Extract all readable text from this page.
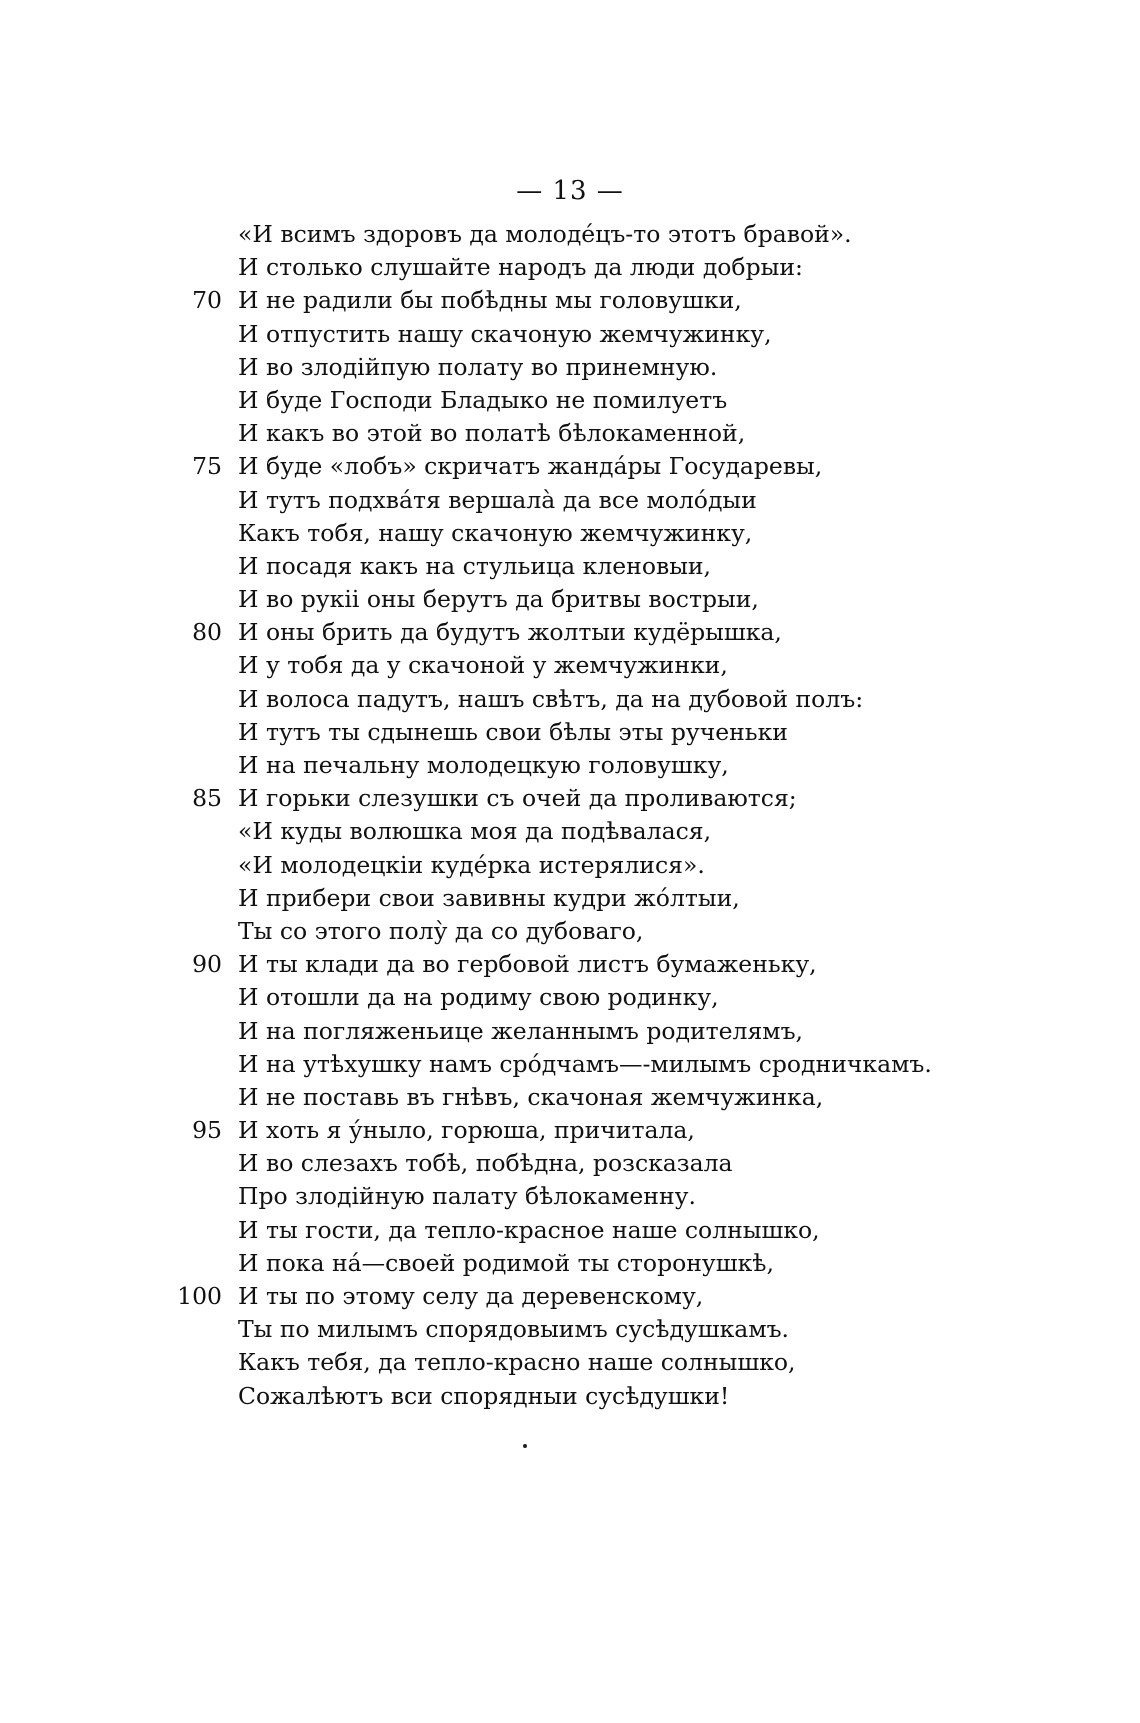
— 13 —
«И всимъ здоровъ да молоде́цъ-то этотъ бравой».
И столько слушайте народъ да люди добрыи:
70 И не радили бы побѣдны мы головушки,
И отпустить нашу скачоную жемчужинку,
И во злодійпую полату во принемную.
И буде Господи Бладыко не помилуетъ
И какъ во этой во полатѣ бѣлокаменной,
75 И буде «лобъ» скричатъ жанда́ры Государевы,
И тутъ подхва́тя вершала̀ да все моло́дыи
Какъ тобя, нашу скачоную жемчужинку,
И посадя какъ на стульица кленовыи,
И во рукіі оны берутъ да бритвы вострыи,
80 И оны брить да будутъ жолтыи кудёрышка,
И у тобя да у скачоной у жемчужинки,
И волоса падутъ, нашъ свѣтъ, да на дубовой полъ:
И тутъ ты сдынешь свои бѣлы эты рученьки
И на печальну молодецкую головушку,
85 И горьки слезушки съ очей да проливаются;
«И куды волюшка моя да подѣвалася,
«И молодецкіи куде́рка истерялися».
И прибери свои завивны кудри жо́лтыи,
Ты со этого полу̀ да со дубоваго,
90 И ты клади да во гербовой листъ бумаженьку,
И отошли да на родиму свою родинку,
И на погляженьице желаннымъ родителямъ,
И на утѣхушку намъ сро́дчамъ—-милымъ сродничкамъ.
И не поставь въ гнѣвъ, скачоная жемчужинка,
95 И хоть я у́ныло, горюша, причитала,
И во слезахъ тобѣ, побѣдна, розсказала
Про злодійную палату бѣлокаменну.
И ты гости, да тепло-красное наше солнышко,
И пока на́—своей родимой ты сторонушкѣ,
100 И ты по этому селу да деревенскому,
Ты по милымъ спорядовыимъ сусѣдушкамъ.
Какъ тебя, да тепло-красно наше солнышко,
Сожалѣютъ вси спорядныи сусѣдушки!
